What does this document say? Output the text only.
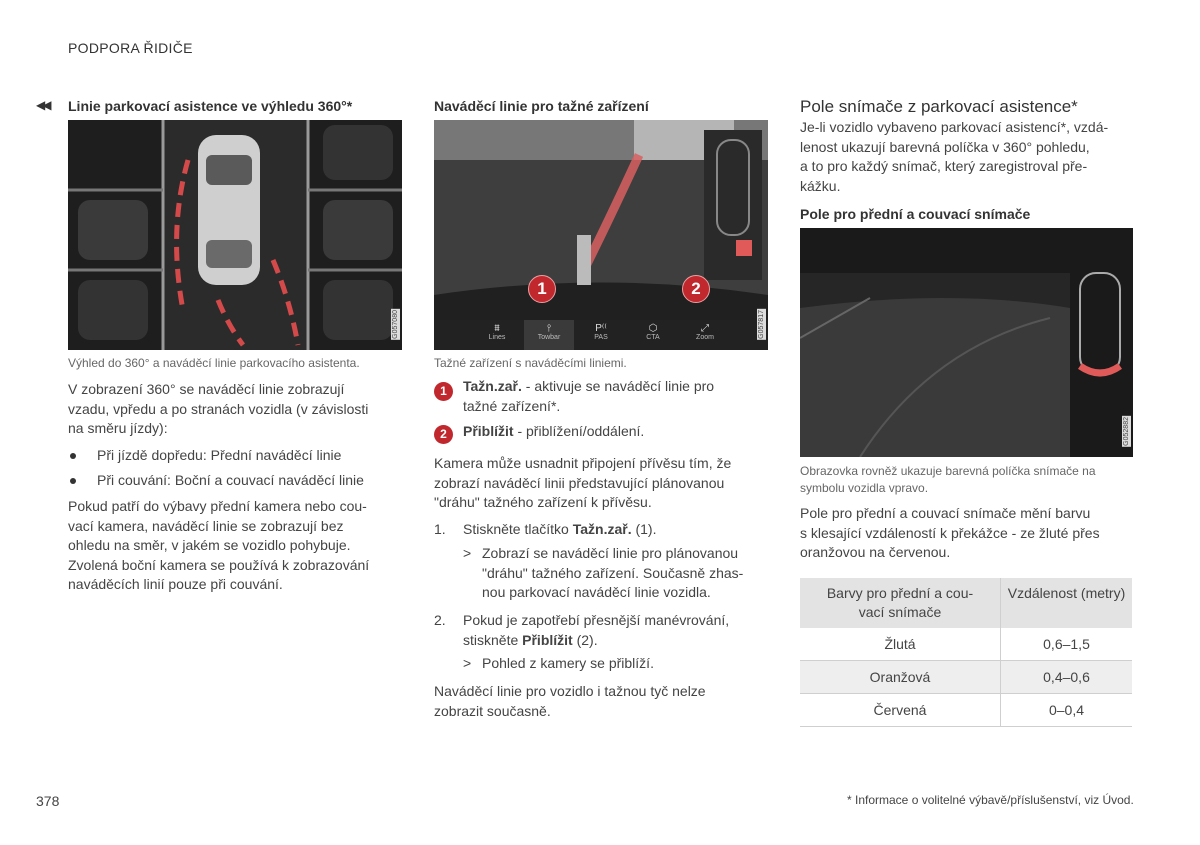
PODPORA ŘIDIČE
◀◀ Linie parkovací asistence ve výhledu 360°*
G057080
Výhled do 360° a naváděcí linie parkovacího asistenta.
V zobrazení 360° se naváděcí linie zobrazují
vzadu, vpředu a po stranách vozidla (v závislosti
na směru jízdy):
Při jízdě dopředu: Přední naváděcí linie
Při couvání: Boční a couvací naváděcí linie
Pokud patří do výbavy přední kamera nebo cou-
vací kamera, naváděcí linie se zobrazují bez
ohledu na směr, v jakém se vozidlo pohybuje.
Zvolená boční kamera se používá k zobrazování
naváděcích linií pouze při couvání.
Naváděcí linie pro tažné zařízení
1	2
⩩
Lines
⫯
Towbar
P⁽⁽
PAS
⬡
CTA
⤢
Zoom	G057817
Tažné zařízení s naváděcími liniemi.
1	Tažn.zař. - aktivuje se naváděcí linie pro
tažné zařízení*.
2	Přiblížit - přiblížení/oddálení.
Kamera může usnadnit připojení přívěsu tím, že
zobrazí naváděcí linii představující plánovanou
"dráhu" tažného zařízení k přívěsu.
1. Stiskněte tlačítko Tažn.zař. (1).
> Zobrazí se naváděcí linie pro plánovanou
"dráhu" tažného zařízení. Současně zhas-
nou parkovací naváděcí linie vozidla.
2. Pokud je zapotřebí přesnější manévrování,
stiskněte Přiblížit (2).
> Pohled z kamery se přiblíží.
Naváděcí linie pro vozidlo i tažnou tyč nelze
zobrazit současně.
Pole snímače z parkovací asistence*
Je-li vozidlo vybaveno parkovací asistencí*, vzdá-
lenost ukazují barevná políčka v 360° pohledu,
a to pro každý snímač, který zaregistroval pře-
kážku.
Pole pro přední a couvací snímače
G052882
Obrazovka rovněž ukazuje barevná políčka snímače na
symbolu vozidla vpravo.
Pole pro přední a couvací snímače mění barvu
s klesající vzdáleností k překážce - ze žluté přes
oranžovou na červenou.
Barvy pro přední a cou-
vací snímače	Vzdálenost (metry)
Žlutá	0,6–1,5
Oranžová	0,4–0,6
Červená	0–0,4
378	* Informace o volitelné výbavě/příslušenství, viz Úvod.
